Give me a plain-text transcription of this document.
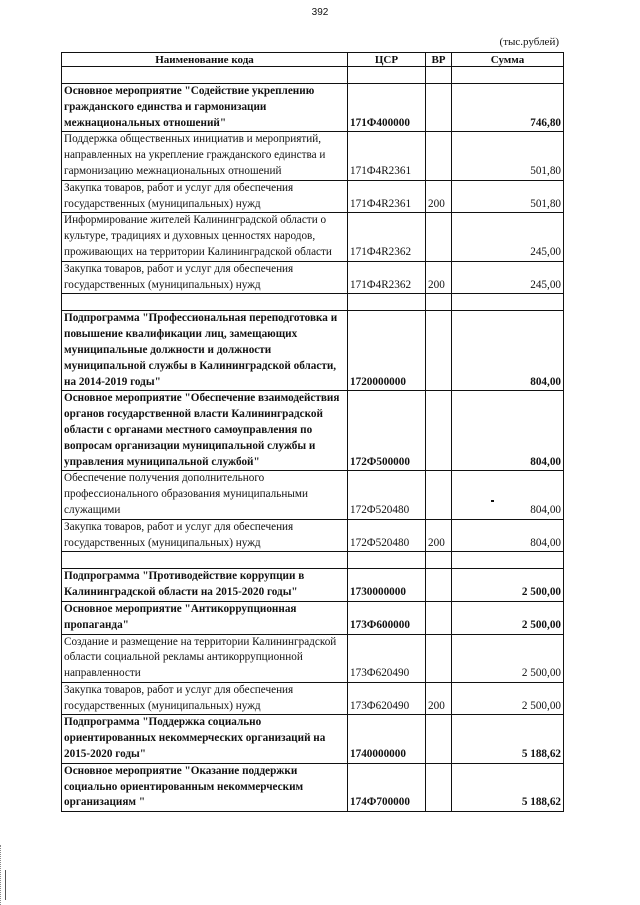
392
(тыс.рублей)
Наименование кода	ЦСР	ВР	Сумма

Основное мероприятие "Содействие укреплению гражданского единства и гармонизации межнациональных отношений"	171Ф400000		746,80
Поддержка общественных инициатив и мероприятий, направленных на укрепление гражданского единства и гармонизацию межнациональных отношений	171Ф4R2361		501,80
Закупка товаров, работ и услуг для обеспечения государственных (муниципальных) нужд	171Ф4R2361	200	501,80
Информирование жителей Калининградской области о культуре, традициях и духовных ценностях народов, проживающих на территории Калининградской области	171Ф4R2362		245,00
Закупка товаров, работ и услуг для обеспечения государственных (муниципальных) нужд	171Ф4R2362	200	245,00

Подпрограмма "Профессиональная переподготовка и повышение квалификации лиц, замещающих муниципальные должности и должности муниципальной службы в Калининградской области, на 2014-2019 годы"	1720000000		804,00
Основное мероприятие "Обеспечение взаимодействия органов государственной власти Калининградской области с органами местного самоуправления по вопросам организации муниципальной службы и управления муниципальной службой"	172Ф500000		804,00
Обеспечение получения дополнительного профессионального образования муниципальными служащими	172Ф520480		804,00
Закупка товаров, работ и услуг для обеспечения государственных (муниципальных) нужд	172Ф520480	200	804,00

Подпрограмма "Противодействие коррупции в Калининградской области на 2015-2020 годы"	1730000000		2 500,00
Основное мероприятие "Антикоррупционная пропаганда"	173Ф600000		2 500,00
Создание и размещение на территории Калининградской области социальной рекламы антикоррупционной направленности	173Ф620490		2 500,00
Закупка товаров, работ и услуг для обеспечения государственных (муниципальных) нужд	173Ф620490	200	2 500,00
Подпрограмма "Поддержка социально ориентированных некоммерческих организаций на 2015-2020 годы"	1740000000		5 188,62
Основное мероприятие "Оказание поддержки социально ориентированным некоммерческим организациям "	174Ф700000		5 188,62
